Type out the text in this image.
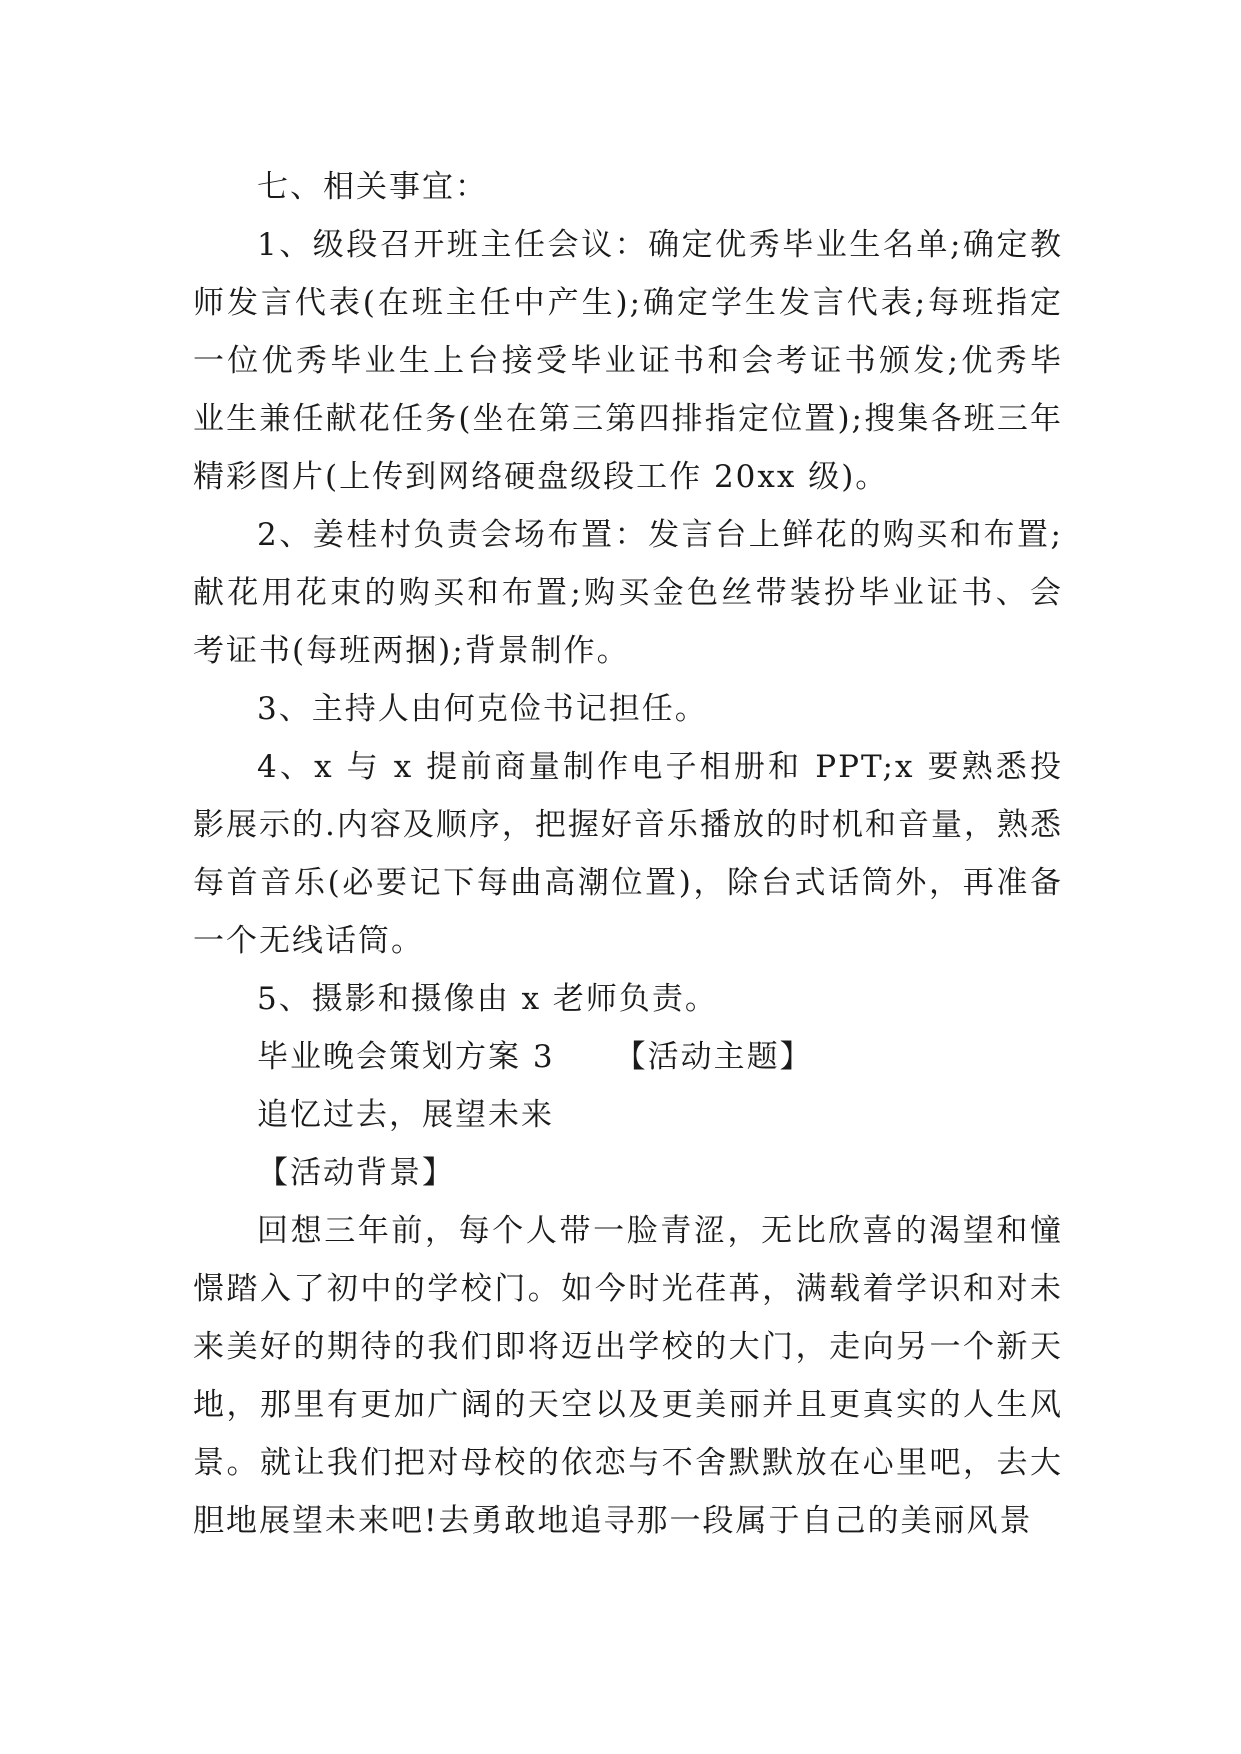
七、相关事宜：

1、级段召开班主任会议：确定优秀毕业生名单;确定教师发言代表(在班主任中产生);确定学生发言代表;每班指定一位优秀毕业生上台接受毕业证书和会考证书颁发;优秀毕业生兼任献花任务(坐在第三第四排指定位置);搜集各班三年精彩图片(上传到网络硬盘级段工作 20xx 级)。

2、姜桂村负责会场布置：发言台上鲜花的购买和布置;献花用花束的购买和布置;购买金色丝带装扮毕业证书、会考证书(每班两捆);背景制作。

3、主持人由何克俭书记担任。

4、x 与 x 提前商量制作电子相册和 PPT;x 要熟悉投影展示的.内容及顺序，把握好音乐播放的时机和音量，熟悉每首音乐(必要记下每曲高潮位置)，除台式话筒外，再准备一个无线话筒。

5、摄影和摄像由 x 老师负责。

毕业晚会策划方案 3 【活动主题】

追忆过去，展望未来

【活动背景】

回想三年前，每个人带一脸青涩，无比欣喜的渴望和憧憬踏入了初中的学校门。如今时光荏苒，满载着学识和对未来美好的期待的我们即将迈出学校的大门，走向另一个新天地，那里有更加广阔的天空以及更美丽并且更真实的人生风景。就让我们把对母校的依恋与不舍默默放在心里吧，去大胆地展望未来吧!去勇敢地追寻那一段属于自己的美丽风景
